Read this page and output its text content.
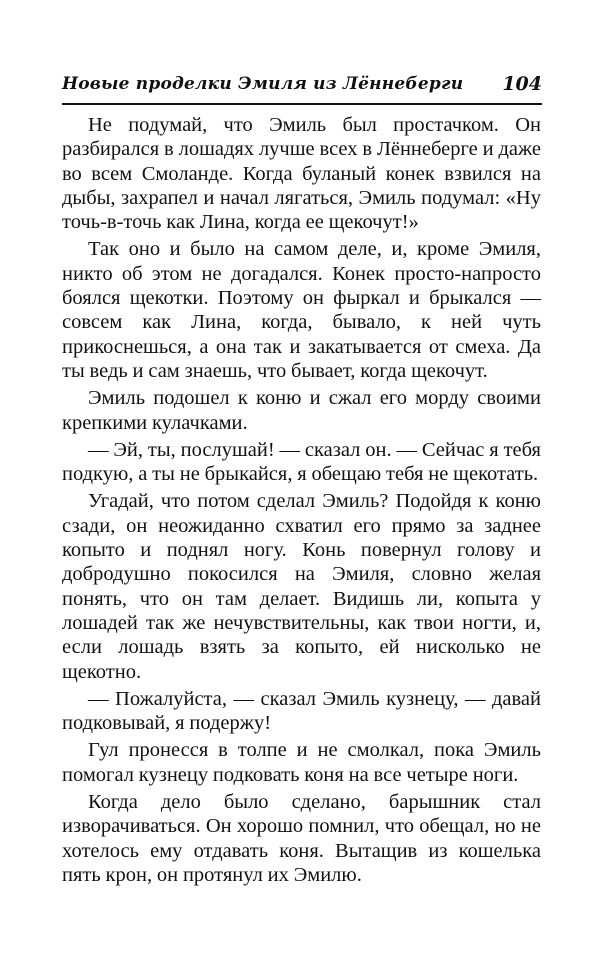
Новые проделки Эмиля из Лённеберги 104

Не подумай, что Эмиль был простачком. Он разбирался в лошадях лучше всех в Лённеберге и даже во всем Смоланде. Когда буланый конек взвился на дыбы, захрапел и начал лягаться, Эмиль подумал: «Ну точь-в-точь как Лина, когда ее щекочут!»

Так оно и было на самом деле, и, кроме Эмиля, никто об этом не догадался. Конек просто-напросто боялся щекотки. Поэтому он фыркал и брыкался — совсем как Лина, когда, бывало, к ней чуть прикоснешься, а она так и закатывается от смеха. Да ты ведь и сам знаешь, что бывает, когда щекочут.

Эмиль подошел к коню и сжал его морду своими крепкими кулачками.

— Эй, ты, послушай! — сказал он. — Сейчас я тебя подкую, а ты не брыкайся, я обещаю тебя не щекотать.

Угадай, что потом сделал Эмиль? Подойдя к коню сзади, он неожиданно схватил его прямо за заднее копыто и поднял ногу. Конь повернул голову и добродушно покосился на Эмиля, словно желая понять, что он там делает. Видишь ли, копыта у лошадей так же нечувствительны, как твои ногти, и, если лошадь взять за копыто, ей нисколько не щекотно.

— Пожалуйста, — сказал Эмиль кузнецу, — давай подковывай, я подержу!

Гул пронесся в толпе и не смолкал, пока Эмиль помогал кузнецу подковать коня на все четыре ноги.

Когда дело было сделано, барышник стал изворачиваться. Он хорошо помнил, что обещал, но не хотелось ему отдавать коня. Вытащив из кошелька пять крон, он протянул их Эмилю.
